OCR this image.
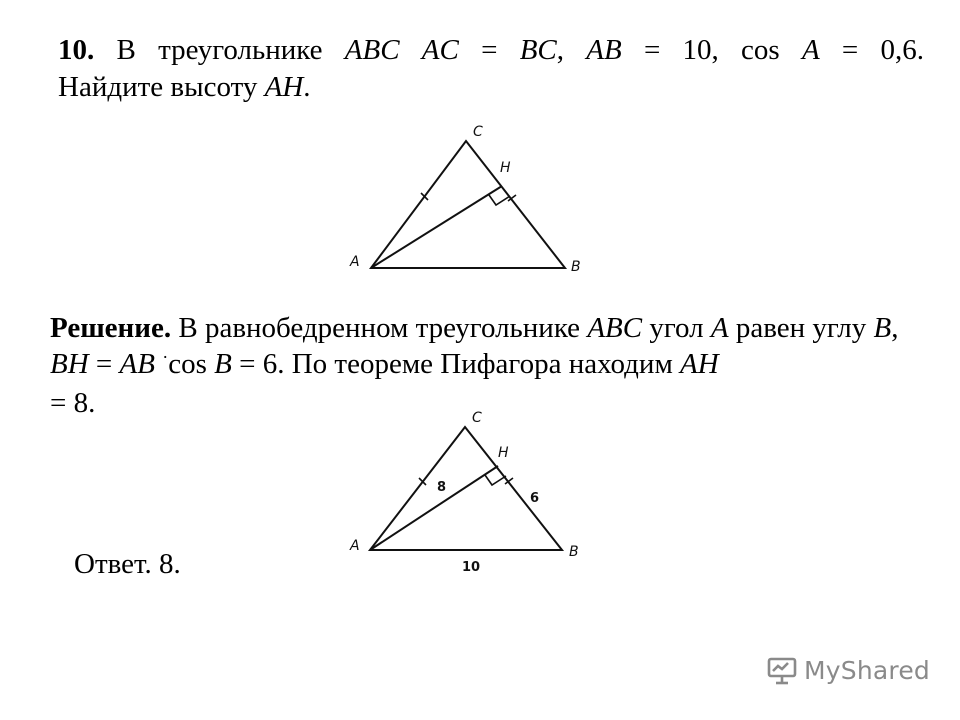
10. В треугольнике ABC AC = BC, AB = 10, cos A = 0,6.
Найдите высоту AH.

A	B
C
H

Решение. В равнобедренном треугольнике ABC угол A равен углу B, BH = AB ·cos B = 6. По теореме Пифагора находим AH
= 8.

A	B
C
H
8
6
10

Ответ. 8.

MyShared
